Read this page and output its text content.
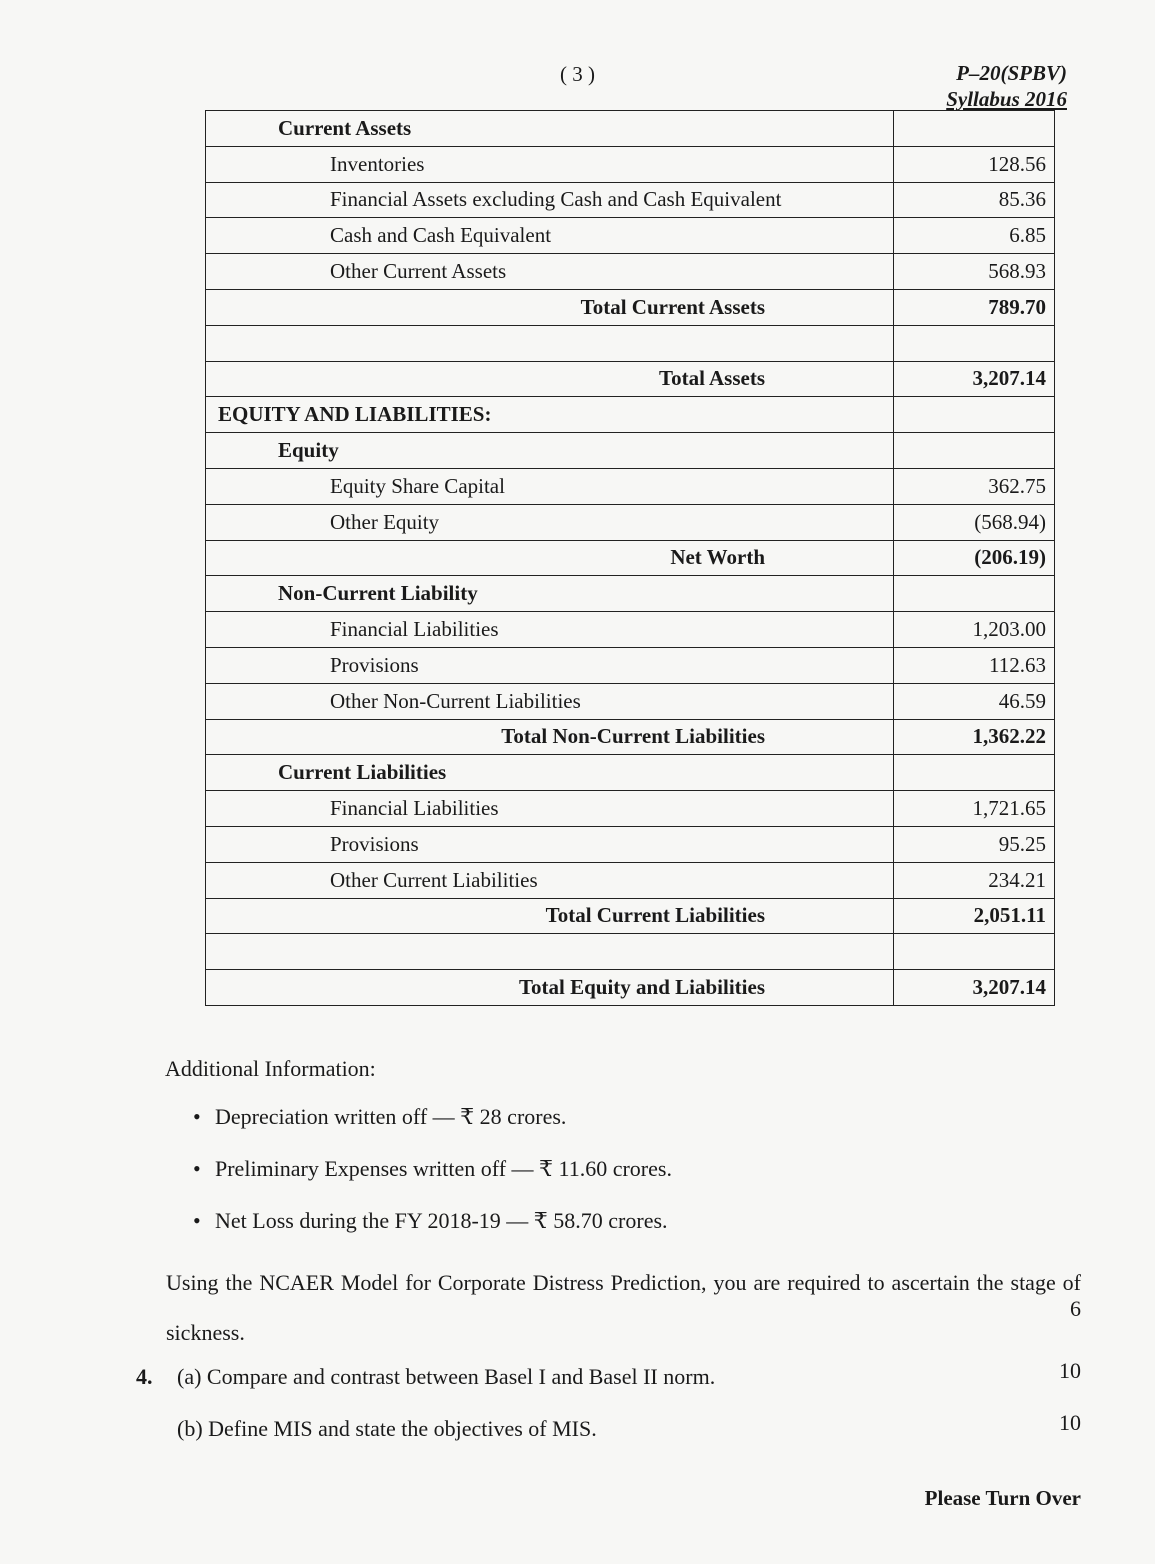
( 3 )	P–20(SPBV)
Syllabus 2016
Current Assets	
Inventories	128.56
Financial Assets excluding Cash and Cash Equivalent	85.36
Cash and Cash Equivalent	6.85
Other Current Assets	568.93
Total Current Assets	789.70

Total Assets	3,207.14
EQUITY AND LIABILITIES:	
Equity	
Equity Share Capital	362.75
Other Equity	(568.94)
Net Worth	(206.19)
Non-Current Liability	
Financial Liabilities	1,203.00
Provisions	112.63
Other Non-Current Liabilities	46.59
Total Non-Current Liabilities	1,362.22
Current Liabilities	
Financial Liabilities	1,721.65
Provisions	95.25
Other Current Liabilities	234.21
Total Current Liabilities	2,051.11

Total Equity and Liabilities	3,207.14
Additional Information:
• Depreciation written off — ₹ 28 crores.
• Preliminary Expenses written off — ₹ 11.60 crores.
• Net Loss during the FY 2018-19 — ₹ 58.70 crores.
Using the NCAER Model for Corporate Distress Prediction, you are required to ascertain the stage of sickness.
6
4. (a) Compare and contrast between Basel I and Basel II norm.	10
(b) Define MIS and state the objectives of MIS.	10
Please Turn Over
